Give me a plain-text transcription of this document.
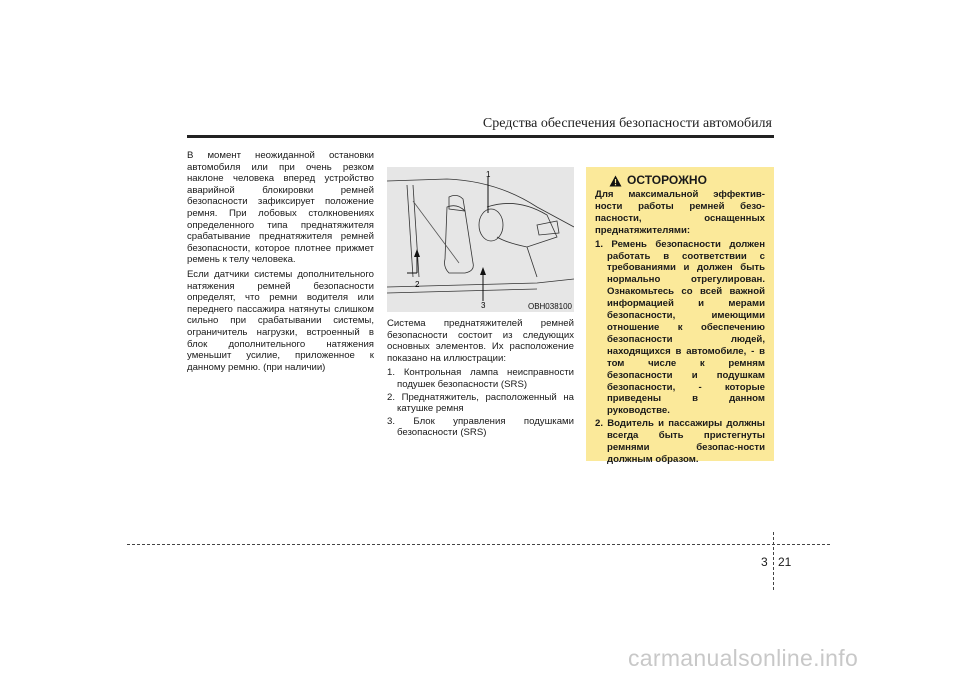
Средства обеспечения безопасности автомобиля

В момент неожиданной остановки автомобиля или при очень резком наклоне человека вперед устройство аварийной блокировки ремней безопасности зафиксирует положение ремня. При лобовых столкновениях определенного типа преднатяжителя срабатывание преднатяжителя ремней безопасности, которое плотнее прижмет ремень к телу человека.

Если датчики системы дополнительного натяжения ремней безопасности определят, что ремни водителя или переднего пассажира натянуты слишком сильно при срабатывании системы, ограничитель нагрузки, встроенный в блок дополнительного натяжения уменьшит усилие, приложенное к данному ремню. (при наличии)

1
2
3	OBH038100

Система преднатяжителей ремней безопасности состоит из следующих основных элементов. Их расположение показано на иллюстрации:

1. Контрольная лампа неисправности подушек безопасности (SRS)
2. Преднатяжитель, расположенный на катушке ремня
3. Блок управления подушками безопасности (SRS)
ОСТОРОЖНО

Для максимальной эффектив-ности работы ремней безо-пасности, оснащенных преднатяжителями:

1. Ремень безопасности должен работать в соответствии с требованиями и должен быть нормально отрегулирован. Ознакомьтесь со всей важной информацией и мерами безопасности, имеющими отношение к обеспечению безопасности людей, находящихся в автомобиле, - в том числе к ремням безопасности и подушкам безопасности, - которые приведены в данном руководстве.
2. Водитель и пассажиры должны всегда быть пристегнуты ремнями безопас-ности должным образом.
3 21
carmanualsonline.info
